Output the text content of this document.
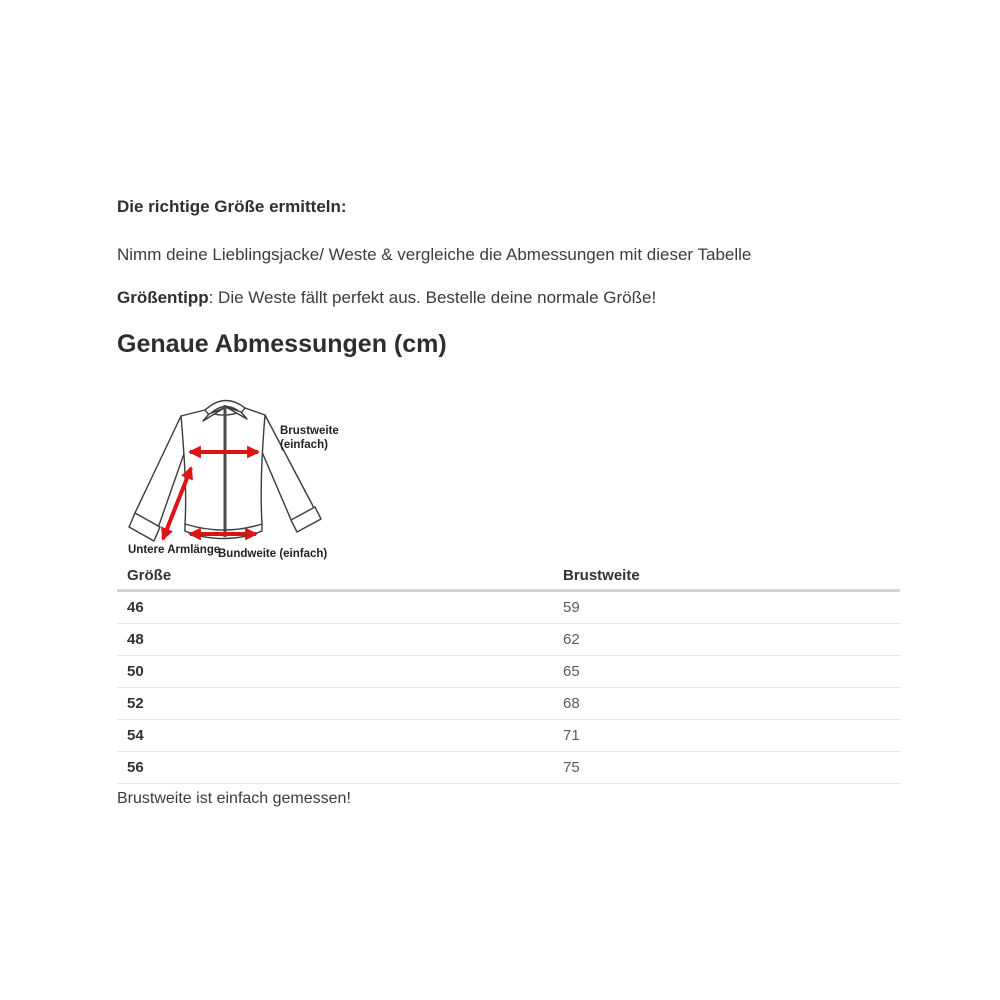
Die richtige Größe ermitteln:
Nimm deine Lieblingsjacke/ Weste & vergleiche die Abmessungen mit dieser Tabelle
Größentipp: Die Weste fällt perfekt aus. Bestelle deine normale Größe!
Genaue Abmessungen (cm)
Brustweite
(einfach)
Untere Armlänge
Bundweite (einfach)
Größe	Brustweite
46	59
48	62
50	65
52	68
54	71
56	75
Brustweite ist einfach gemessen!
